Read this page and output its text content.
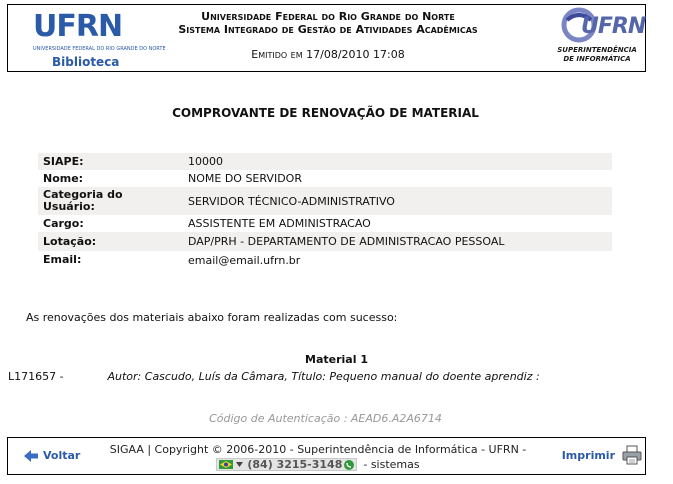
UFRN
UNIVERSIDADE FEDERAL DO RIO GRANDE DO NORTE
Biblioteca
Universidade Federal do Rio Grande do Norte
Sistema Integrado de Gestão de Atividades Acadêmicas
Emitido em 17/08/2010 17:08
UFRN
SUPERINTENDÊNCIA
DE INFORMÁTICA
COMPROVANTE DE RENOVAÇÃO DE MATERIAL
SIAPE:	10000
Nome:	NOME DO SERVIDOR
Categoria do
Usuário:	SERVIDOR TÉCNICO-ADMINISTRATIVO
Cargo:	ASSISTENTE EM ADMINISTRACAO
Lotação:	DAP/PRH - DEPARTAMENTO DE ADMINISTRACAO PESSOAL
Email:	email@email.ufrn.br
As renovações dos materiais abaixo foram realizadas com sucesso:
Material 1
L171657 -	Autor: Cascudo, Luís da Câmara, Título: Pequeno manual do doente aprendiz :
Código de Autenticação : AEAD6.A2A6714
Voltar	SIGAA | Copyright © 2006-2010 - Superintendência de Informática - UFRN -
(84) 3215-3148 - sistemas
Imprimir
